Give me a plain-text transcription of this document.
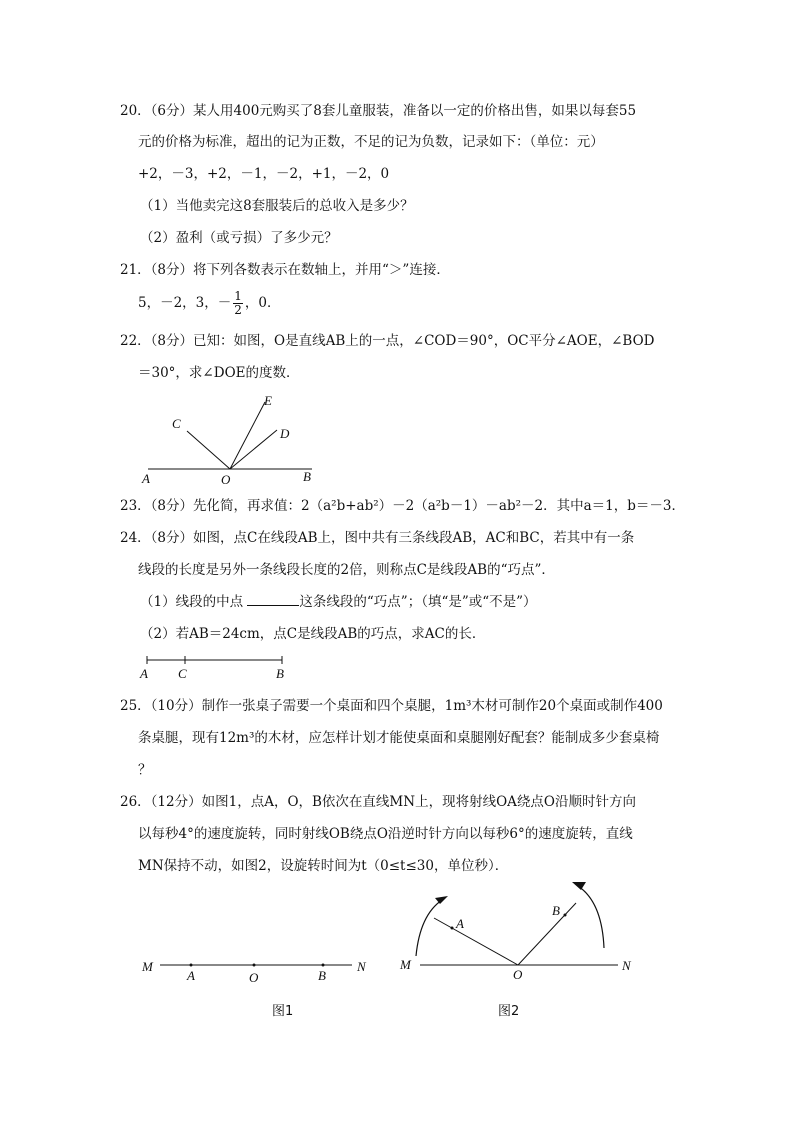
20．（6分）某人用400元购买了8套儿童服装，准备以一定的价格出售，如果以每套55
元的价格为标准，超出的记为正数，不足的记为负数，记录如下：（单位：元）
+2，－3，+2，－1，－2，+1，－2，0
（1）当他卖完这8套服装后的总收入是多少？
（2）盈利（或亏损）了多少元？
21．（8分）将下列各数表示在数轴上，并用“＞”连接．
5，－2，3，－ $\frac{1}{2}$ ，0．
22．（8分）已知：如图，O是直线AB上的一点，∠COD＝90°，OC平分∠AOE，∠BOD
＝30°，求∠DOE的度数．
C
E
D
A	O	B
23．（8分）先化简，再求值：2（a²b+ab²）－2（a²b－1）－ab²－2．其中a＝1，b＝－3．
24．（8分）如图，点C在线段AB上，图中共有三条线段AB，AC和BC，若其中有一条
线段的长度是另外一条线段长度的2倍，则称点C是线段AB的“巧点”．
（1）线段的中点	这条线段的“巧点”；（填“是”或“不是”）
（2）若AB＝24cm，点C是线段AB的巧点，求AC的长．
A C	B
25．（10分）制作一张桌子需要一个桌面和四个桌腿，1m³木材可制作20个桌面或制作400
条桌腿，现有12m³的木材，应怎样计划才能使桌面和桌腿刚好配套？能制成多少套桌椅
？
26．（12分）如图1，点A，O，B依次在直线MN上，现将射线OA绕点O沿顺时针方向
以每秒4°的速度旋转，同时射线OB绕点O沿逆时针方向以每秒6°的速度旋转，直线
MN保持不动，如图2，设旋转时间为t（0≤t≤30，单位秒）．
M
A	O	B
N
图1
M
A
O
B
N
图2
